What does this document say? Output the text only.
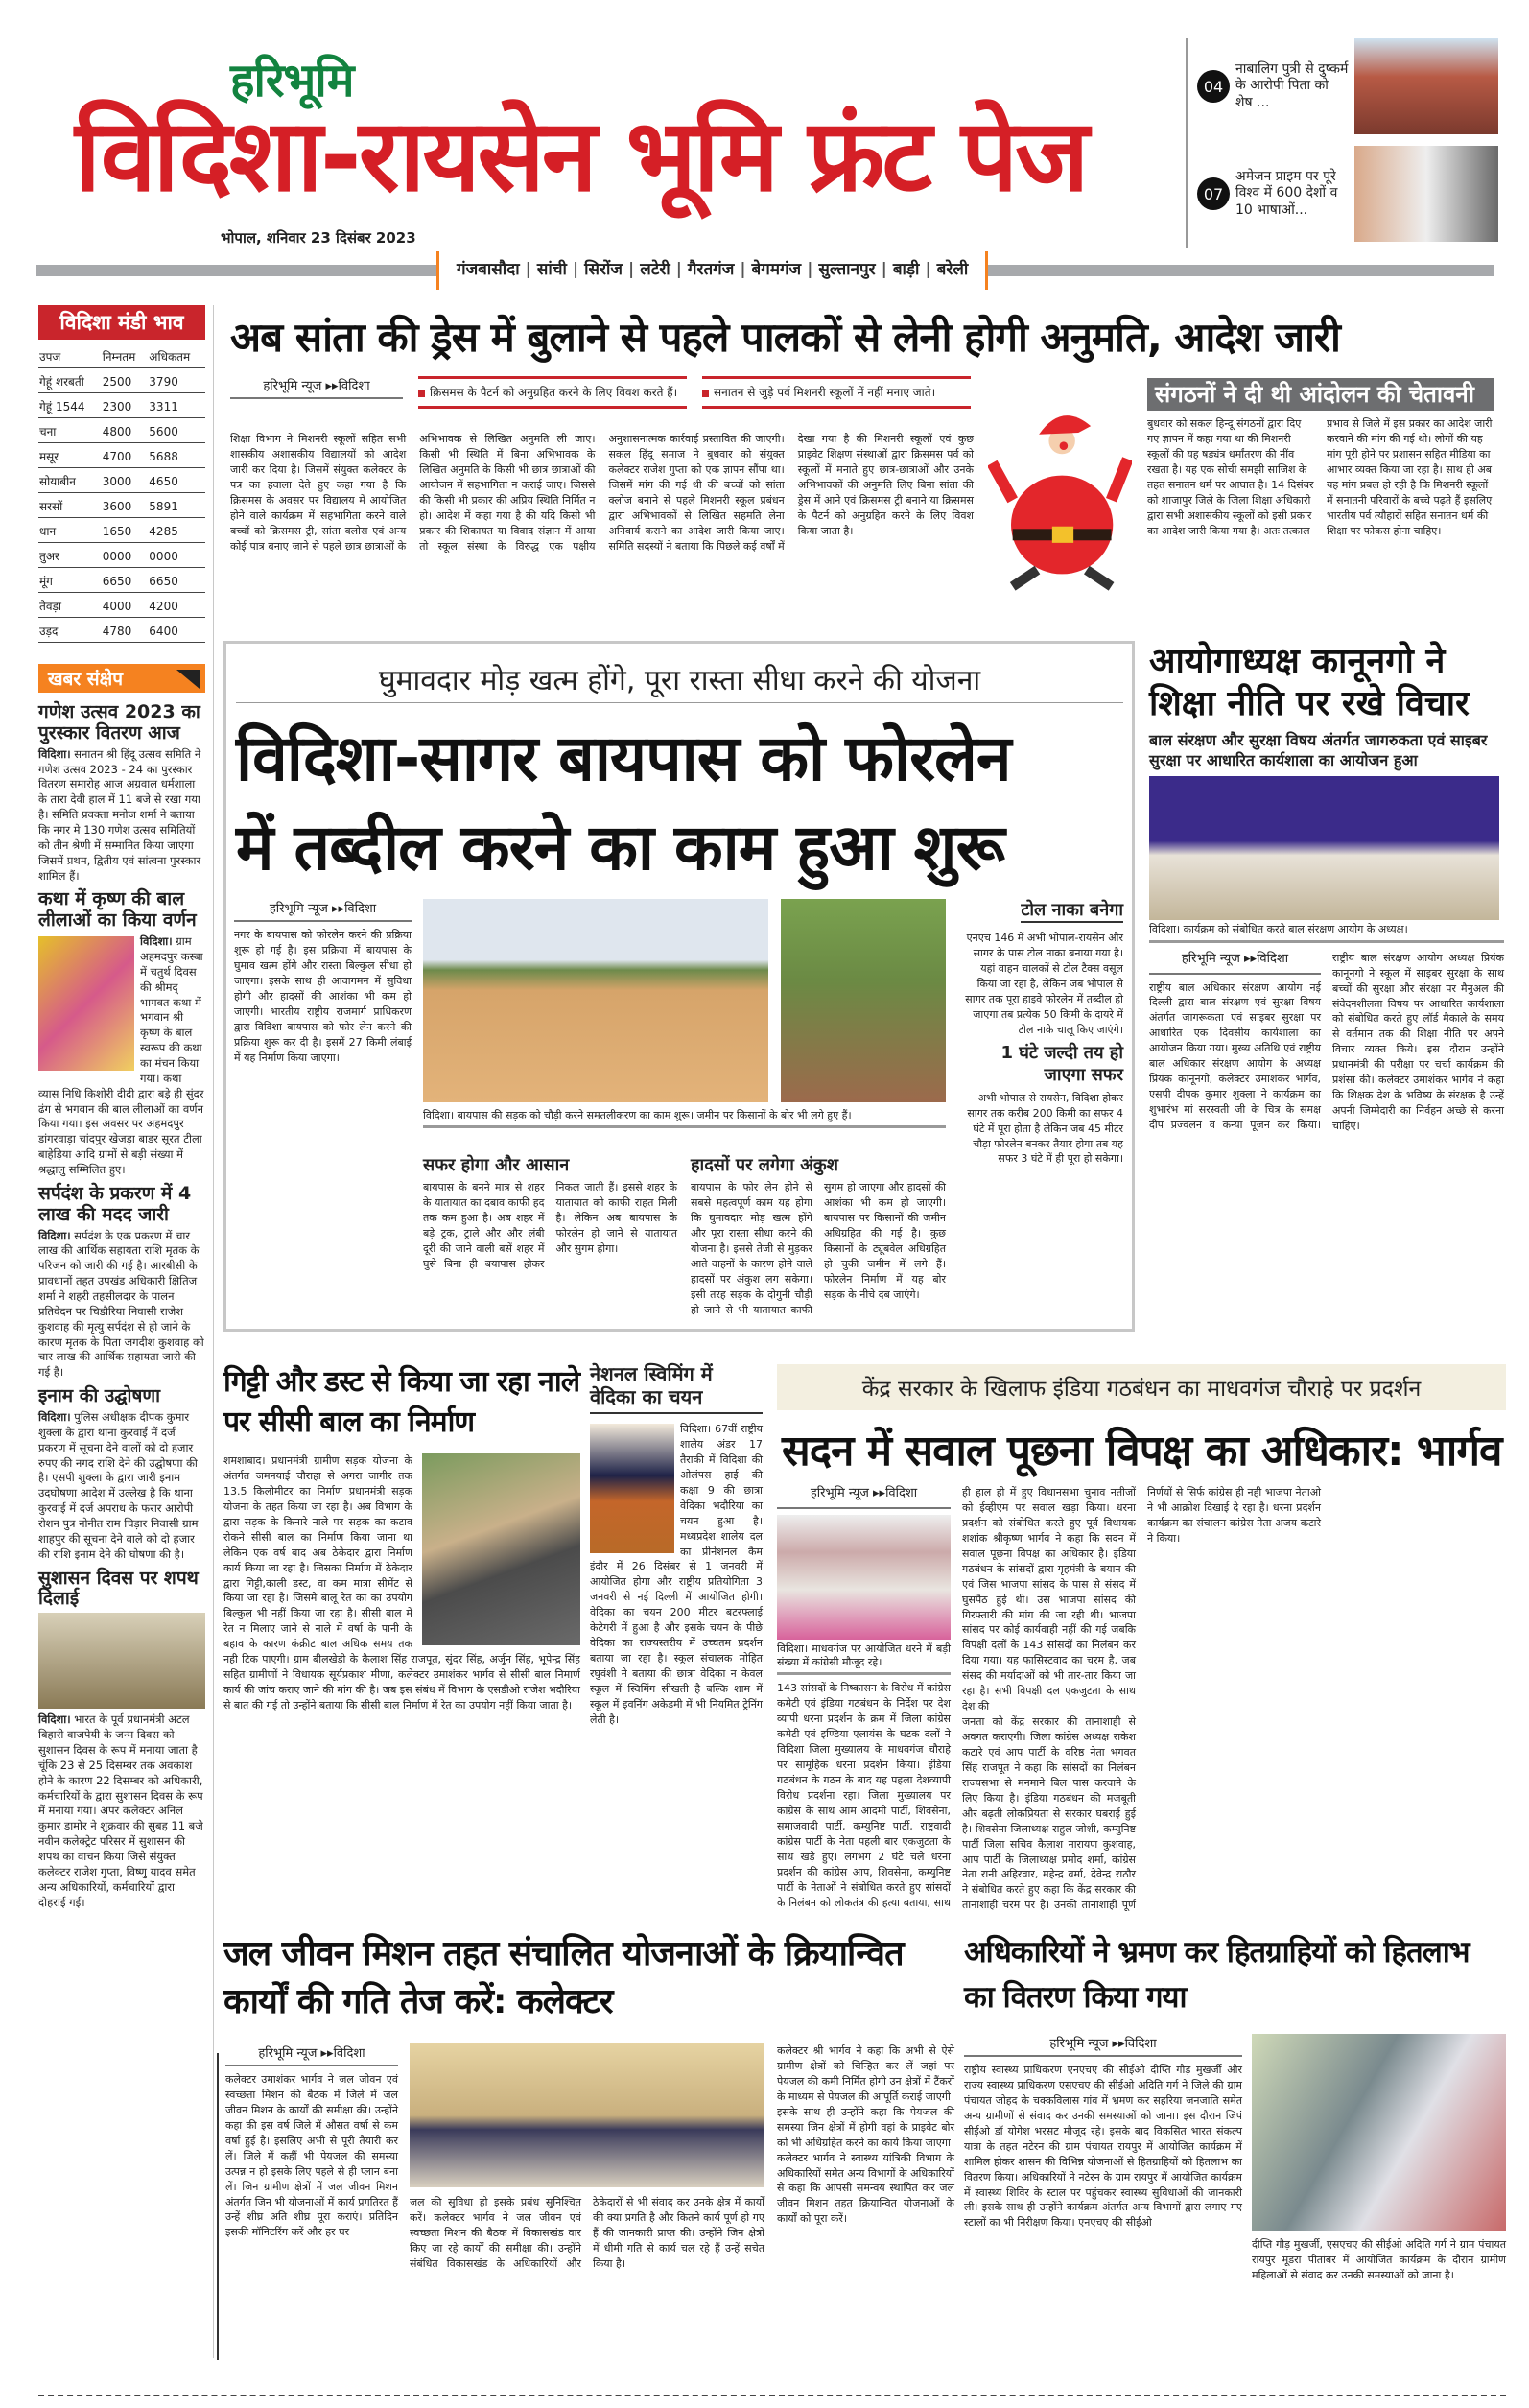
हरिभूमि
विदिशा-रायसेन भूमि फ्रंट पेज
भोपाल, शनिवार 23 दिसंबर 2023
गंजबासौदा	| सांची	| सिरोंज	| लटेरी	| गैरतगंज	| बेगमगंज	| सुल्तानपुर	| बाड़ी	| बरेली
04
नाबालिग पुत्री से दुष्कर्म के आरोपी पिता को शेष ...
07
अमेजन प्राइम पर पूरे विश्व में 600 देशों व 10 भाषाओं...
विदिशा मंडी भाव
उपज	निम्नतम	अधिकतम
गेहूं शरबती	2500	3790
गेहूं 1544	2300	3311
चना	4800	5600
मसूर	4700	5688
सोयाबीन	3000	4650
सरसों	3600	5891
धान	1650	4285
तुअर	0000	0000
मूंग	6650	6650
तेवड़ा	4000	4200
उड़द	4780	6400
खबर संक्षेप
गणेश उत्सव 2023 का पुरस्कार वितरण आज

विदिशा। सनातन श्री हिंदू उत्सव समिति ने गणेश उत्सव 2023 - 24 का पुरस्कार वितरण समारोह आज अग्रवाल धर्मशाला के तारा देवी हाल में 11 बजे से रखा गया है। समिति प्रवक्ता मनोज शर्मा ने बताया कि नगर मे 130 गणेश उत्सव समितियों को तीन श्रेणी में सम्मानित किया जाएगा जिसमें प्रथम, द्वितीय एवं सांत्वना पुरस्कार शामिल हैं।

कथा में कृष्ण की बाल लीलाओं का किया वर्णन

विदिशा। ग्राम अहमदपुर कस्बा में चतुर्थ दिवस की श्रीमद् भागवत कथा में भगवान श्री कृष्ण के बाल स्वरूप की कथा का मंचन किया गया। कथा व्यास निधि किशोरी दीदी द्वारा बड़े ही सुंदर ढंग से भगवान की बाल लीलाओं का वर्णन किया गया। इस अवसर पर अहमदपुर डांगरवाड़ा चांदपुर खेजड़ा बाडर सूरत टीला बाहेड़िया आदि ग्रामों से बड़ी संख्या में श्रद्धालु सम्मिलित हुए।

सर्पदंश के प्रकरण में 4 लाख की मदद जारी

विदिशा। सर्पदंश के एक प्रकरण में चार लाख की आर्थिक सहायता राशि मृतक के परिजन को जारी की गई है। आरबीसी के प्रावधानों तहत उपखंड अधिकारी क्षितिज शर्मा ने शहरी तहसीलदार के पालन प्रतिवेदन पर चिडौरिया निवासी राजेश कुशवाह की मृत्यु सर्पदंश से हो जाने के कारण मृतक के पिता जगदीश कुशवाह को चार लाख की आर्थिक सहायता जारी की गई है।

इनाम की उद्घोषणा

विदिशा। पुलिस अधीक्षक दीपक कुमार शुक्ला के द्वारा थाना कुरवाई में दर्ज प्रकरण में सूचना देने वालों को दो हजार रुपए की नगद राशि देने की उद्घोषणा की है। एसपी शुक्ला के द्वारा जारी इनाम उदघोषणा आदेश में उल्लेख है कि थाना कुरवाई में दर्ज अपराध के फरार आरोपी रोशन पुत्र नोनीत राम चिड़ार निवासी ग्राम शाहपुर की सूचना देने वाले को दो हजार की राशि इनाम देने की घोषणा की है।

सुशासन दिवस पर शपथ दिलाई

विदिशा। भारत के पूर्व प्रधानमंत्री अटल बिहारी वाजपेयी के जन्म दिवस को सुशासन दिवस के रूप में मनाया जाता है। चूंकि 23 से 25 दिसम्बर तक अवकाश होने के कारण 22 दिसम्बर को अधिकारी, कर्मचारियों के द्वारा सुशासन दिवस के रूप में मनाया गया। अपर कलेक्टर अनिल कुमार डामोर ने शुक्रवार की सुबह 11 बजे नवीन कलेक्ट्रेट परिसर में सुशासन की शपथ का वाचन किया जिसे संयुक्त कलेक्टर राजेश गुप्ता, विष्णु यादव समेत अन्य अधिकारियों, कर्मचारियों द्वारा दोहराई गई।

अब सांता की ड्रेस में बुलाने से पहले पालकों से लेनी होगी अनुमति, आदेश जारी
हरिभूमि न्यूज ▸▸विदिशा	क्रिसमस के पैटर्न को अनुग्रहित करने के लिए विवश करते हैं।	सनातन से जुड़े पर्व मिशनरी स्कूलों में नहीं मनाए जाते।
शिक्षा विभाग ने मिशनरी स्कूलों सहित सभी शासकीय अशासकीय विद्यालयों को आदेश जारी कर दिया है। जिसमें संयुक्त कलेक्टर के पत्र का हवाला देते हुए कहा गया है कि क्रिसमस के अवसर पर विद्यालय में आयोजित होने वाले कार्यक्रम में सहभागिता करने वाले बच्चों को क्रिसमस ट्री, सांता क्लोस एवं अन्य कोई पात्र बनाए जाने से पहले छात्र छात्राओं के अभिभावक से लिखित अनुमति ली जाए। किसी भी स्थिति में बिना अभिभावक के लिखित अनुमति के किसी भी छात्र छात्राओं की आयोजन में सहभागिता न कराई जाए। जिससे की किसी भी प्रकार की अप्रिय स्थिति निर्मित न हो। आदेश में कहा गया है की यदि किसी भी प्रकार की शिकायत या विवाद संज्ञान में आया तो स्कूल संस्था के विरुद्ध एक पक्षीय अनुशासनात्मक कार्रवाई प्रस्तावित की जाएगी। सकल हिंदू समाज ने बुधवार को संयुक्त कलेक्टर राजेश गुप्ता को एक ज्ञापन सौंपा था। जिसमें मांग की गई थी की बच्चों को सांता क्लोज बनाने से पहले मिशनरी स्कूल प्रबंधन द्वारा अभिभावकों से लिखित सहमति लेना अनिवार्य कराने का आदेश जारी किया जाए। समिति सदस्यों ने बताया कि पिछले कई वर्षों में देखा गया है की मिशनरी स्कूलों एवं कुछ प्राइवेट शिक्षण संस्थाओं द्वारा क्रिसमस पर्व को स्कूलों में मनाते हुए छात्र-छात्राओं और उनके अभिभावकों की अनुमति लिए बिना सांता की ड्रेस में आने एवं क्रिसमस ट्री बनाने या क्रिसमस के पैटर्न को अनुग्रहित करने के लिए विवश किया जाता है।
संगठनों ने दी थी आंदोलन की चेतावनी
बुधवार को सकल हिन्दू संगठनों द्वारा दिए गए ज्ञापन में कहा गया था की मिशनरी स्कूलों की यह षड्यंत्र धर्मांतरण की नींव रखता है। यह एक सोची समझी साजिश के तहत सनातन धर्म पर आघात है। 14 दिसंबर को शाजापुर जिले के जिला शिक्षा अधिकारी द्वारा सभी अशासकीय स्कूलों को इसी प्रकार का आदेश जारी किया गया है। अतः तत्काल प्रभाव से जिले में इस प्रकार का आदेश जारी करवाने की मांग की गई थी। लोगों की यह मांग पूरी होने पर प्रशासन सहित मीडिया का आभार व्यक्त किया जा रहा है। साथ ही अब यह मांग प्रबल हो रही है कि मिशनरी स्कूलों में सनातनी परिवारों के बच्चे पढ़ते हैं इसलिए भारतीय पर्व त्यौहारों सहित सनातन धर्म की शिक्षा पर फोकस होना चाहिए।
घुमावदार मोड़ खत्म होंगे, पूरा रास्ता सीधा करने की योजना
विदिशा-सागर बायपास को फोरलेन
में तब्दील करने का काम हुआ शुरू
हरिभूमि न्यूज ▸▸विदिशा
नगर के बायपास को फोरलेन करने की प्रक्रिया शुरू हो गई है। इस प्रक्रिया में बायपास के घुमाव खत्म होंगे और रास्ता बिल्कुल सीधा हो जाएगा। इसके साथ ही आवागमन में सुविधा होगी और हादसों की आशंका भी कम हो जाएगी। भारतीय राष्ट्रीय राजमार्ग प्राधिकरण द्वारा विदिशा बायपास को फोर लेन करने की प्रक्रिया शुरू कर दी है। इसमें 27 किमी लंबाई में यह निर्माण किया जाएगा।
विदिशा। बायपास की सड़क को चौड़ी करने समतलीकरण का काम शुरू। जमीन पर किसानों के बोर भी लगे हुए हैं।
सफर होगा और आसान
बायपास के बनने मात्र से शहर के यातायात का दबाव काफी हद तक कम हुआ है। अब शहर में बड़े ट्रक, ट्राले और और लंबी दूरी की जाने वाली बसें शहर में घुसे बिना ही बयापास होकर निकल जाती हैं। इससे शहर के यातायात को काफी राहत मिली है। लेकिन अब बायपास के फोरलेन हो जाने से यातायात और सुगम होगा।
हादसों पर लगेगा अंकुश
बायपास के फोर लेन होने से सबसे महत्वपूर्ण काम यह होगा कि घुमावदार मोड़ खत्म होंगे और पूरा रास्ता सीधा करने की योजना है। इससे तेजी से मुड़कर आते वाहनों के कारण होने वाले हादसों पर अंकुश लग सकेगा। इसी तरह सड़क के दोगुनी चौड़ी हो जाने से भी यातायात काफी सुगम हो जाएगा और हादसों की आशंका भी कम हो जाएगी। बायपास पर किसानों की जमीन अधिग्रहित की गई है। कुछ किसानों के ट्यूबवेल अधिग्रहित हो चुकी जमीन में लगे हैं। फोरलेन निर्माण में यह बोर सड़क के नीचे दब जाएंगे।
टोल नाका बनेगा
एनएच 146 में अभी भोपाल-रायसेन और सागर के पास टोल नाका बनाया गया है। यहां वाहन चालकों से टोल टैक्स वसूल किया जा रहा है, लेकिन जब भोपाल से सागर तक पूरा हाइवे फोरलेन में तब्दील हो जाएगा तब प्रत्येक 50 किमी के दायरे में टोल नाके चालू किए जाएंगे।
1 घंटे जल्दी तय हो जाएगा सफर
अभी भोपाल से रायसेन, विदिशा होकर सागर तक करीब 200 किमी का सफर 4 घंटे में पूरा होता है लेकिन जब 45 मीटर चौड़ा फोरलेन बनकर तैयार होगा तब यह सफर 3 घंटे में ही पूरा हो सकेगा।
आयोगाध्यक्ष कानूनगो ने शिक्षा नीति पर रखे विचार
बाल संरक्षण और सुरक्षा विषय अंतर्गत जागरुकता एवं साइबर सुरक्षा पर आधारित कार्यशाला का आयोजन हुआ
विदिशा। कार्यक्रम को संबोधित करते बाल संरक्षण आयोग के अध्यक्ष।
हरिभूमि न्यूज ▸▸विदिशा
राष्ट्रीय बाल अधिकार संरक्षण आयोग नई दिल्ली द्वारा बाल संरक्षण एवं सुरक्षा विषय अंतर्गत जागरूकता एवं साइबर सुरक्षा पर आधारित एक दिवसीय कार्यशाला का आयोजन किया गया। मुख्य अतिथि एवं राष्ट्रीय बाल अधिकार संरक्षण आयोग के अध्यक्ष प्रियंक कानूनगो, कलेक्टर उमाशंकर भार्गव, एसपी दीपक कुमार शुक्ला ने कार्यक्रम का शुभारंभ मां सरस्वती जी के चित्र के समक्ष दीप प्रज्वलन व कन्या पूजन कर किया। राष्ट्रीय बाल संरक्षण आयोग अध्यक्ष प्रियंक कानूनगो ने स्कूल में साइबर सुरक्षा के साथ बच्चों की सुरक्षा और संरक्षा पर मैनुअल की संवेदनशीलता विषय पर आधारित कार्यशाला को संबोधित करते हुए लॉर्ड मैकाले के समय से वर्तमान तक की शिक्षा नीति पर अपने विचार व्यक्त किये। इस दौरान उन्होंने प्रधानमंत्री की परीक्षा पर चर्चा कार्यक्रम की प्रशंसा की। कलेक्टर उमाशंकर भार्गव ने कहा कि शिक्षक देश के भविष्य के संरक्षक है उन्हें अपनी जिम्मेदारी का निर्वहन अच्छे से करना चाहिए।
गिट्टी और डस्ट से किया जा रहा नाले पर सीसी बाल का निर्माण
शमशाबाद। प्रधानमंत्री ग्रामीण सड़क योजना के अंतर्गत जमनयाई चौराहा से अगरा जागीर तक 13.5 किलोमीटर का निर्माण प्रधानमंत्री सड़क योजना के तहत किया जा रहा है। अब विभाग के द्वारा सड़क के किनारे नाले पर सड़क का कटाव रोकने सीसी बाल का निर्माण किया जाना था लेकिन एक वर्ष बाद अब ठेकेदार द्वारा निर्माण कार्य किया जा रहा है। जिसका निर्माण में ठेकेदार द्वारा गिट्टी,काली डस्ट, वा कम मात्रा सीमेंट से किया जा रहा है। जिसमे बालू रेत का का उपयोग बिल्कुल भी नहीं किया जा रहा है। सीसी बाल में रेत न मिलाए जाने से नाले में वर्षा के पानी के बहाव के कारण कंक्रीट बाल अधिक समय तक नही टिक पाएगी। ग्राम बीलखेड़ी के कैलाश सिंह राजपूत, सुंदर सिंह, अर्जुन सिंह, भूपेन्द्र सिंह सहित ग्रामीणों ने विधायक सूर्यप्रकाश मीणा, कलेक्टर उमाशंकर भार्गव से सीसी बाल निमार्ण कार्य की जांच कराए जाने की मांग की है। जब इस संबंध में विभाग के एसडीओ राजेश भदौरिया से बात की गई तो उन्होंने बताया कि सीसी बाल निर्माण में रेत का उपयोग नहीं किया जाता है।
नेशनल स्विमिंग में वेदिका का चयन
विदिशा। 67वीं राष्ट्रीय शालेय अंडर 17 तैराकी में विदिशा की ओलंपस हाई की कक्षा 9 की छात्रा वेदिका भदौरिया का चयन हुआ है। मध्यप्रदेश शालेय दल का प्रीनेशनल कैम इंदौर में 26 दिसंबर से 1 जनवरी में आयोजित होगा और राष्ट्रीय प्रतियोगिता 3 जनवरी से नई दिल्ली में आयोजित होगी। वेदिका का चयन 200 मीटर बटरफ्लाई केटेगरी में हुआ है और इसके चयन के पीछे वेदिका का राज्यस्तरीय में उच्चतम प्रदर्शन बताया जा रहा है। स्कूल संचालक मोहित रघुवंशी ने बताया की छात्रा वेदिका न केवल स्कूल में स्विमिंग सीखती है बल्कि शाम में स्कूल में इवनिंग अकेडमी में भी नियमित ट्रेनिंग लेती है।
केंद्र सरकार के खिलाफ इंडिया गठबंधन का माधवगंज चौराहे पर प्रदर्शन
सदन में सवाल पूछना विपक्ष का अधिकार: भार्गव
हरिभूमि न्यूज ▸▸विदिशा
विदिशा। माधवगंज पर आयोजित धरने में बड़ी संख्या में कांग्रेसी मौजूद रहे।

143 सांसदों के निष्कासन के विरोध में कांग्रेस कमेटी एवं इंडिया गठबंधन के निर्देश पर देश व्यापी धरना प्रदर्शन के क्रम में जिला कांग्रेस कमेटी एवं इण्डिया एलायंस के घटक दलों ने विदिशा जिला मुख्यालय के माधवगंज चौराहे पर सामूहिक धरना प्रदर्शन किया। इंडिया गठबंधन के गठन के बाद यह पहला देशव्यापी विरोध प्रदर्शना रहा। जिला मुख्यालय पर कांग्रेस के साथ आम आदमी पार्टी, शिवसेना, समाजवादी पार्टी, कम्युनिष्ट पार्टी, राष्ट्रवादी कांग्रेस पार्टी के नेता पहली बार एकजुटता के साथ खड़े हुए। लगभग 2 घंटे चले धरना प्रदर्शन की कांग्रेस आप, शिवसेना, कम्युनिष्ट पार्टी के नेताओं ने संबोधित करते हुए सांसदों के निलंबन को लोकतंत्र की हत्या बताया, साथ ही हाल ही में हुए विधानसभा चुनाव नतीजों को ईव्हीएम पर सवाल खड़ा किया। धरना प्रदर्शन को संबोधित करते हुए पूर्व विधायक शशांक श्रीकृष्ण भार्गव ने कहा कि सदन में सवाल पूछना विपक्ष का अधिकार है। इंडिया गठबंधन के सांसदों द्वारा गृहमंत्री के बयान की एवं जिस भाजपा सांसद के पास से संसद में घुसपैठ हुई थी। उस भाजपा सांसद की गिरफ्तारी की मांग की जा रही थी। भाजपा सांसद पर कोई कार्यवाही नहीं की गई जबकि विपक्षी दलों के 143 सांसदों का निलंबन कर दिया गया। यह फासिस्टवाद का चरम है, जब संसद की मर्यादाओं को भी तार-तार किया जा रहा है। सभी विपक्षी दल एकजुटता के साथ देश की

जनता को केंद्र सरकार की तानाशाही से अवगत कराएगी। जिला कांग्रेस अध्यक्ष राकेश कटारे एवं आप पार्टी के वरिष्ठ नेता भगवत सिंह राजपूत ने कहा कि सांसदों का निलंबन राज्यसभा से मनमाने बिल पास करवाने के लिए किया है। इंडिया गठबंधन की मजबूती और बढ़ती लोकप्रियता से सरकार घबराई हुई है। शिवसेना जिलाध्यक्ष राहुल जोशी, कम्युनिष्ट पार्टी जिला सचिव कैलाश नारायण कुशवाह, आप पार्टी के जिलाध्यक्ष प्रमोद शर्मा, कांग्रेस नेता रानी अहिरवार, महेन्द्र वर्मा, देवेन्द्र राठौर ने संबोधित करते हुए कहा कि केंद्र सरकार की तानाशाही चरम पर है। उनकी तानाशाही पूर्ण निर्णयों से सिर्फ कांग्रेस ही नही भाजपा नेताओ ने भी आक्रोश दिखाई दे रहा है। धरना प्रदर्शन कार्यक्रम का संचालन कांग्रेस नेता अजय कटारे ने किया।

जल जीवन मिशन तहत संचालित योजनाओं के क्रियान्वित कार्यों की गति तेज करें: कलेक्टर
हरिभूमि न्यूज ▸▸विदिशा
कलेक्टर उमाशंकर भार्गव ने जल जीवन एवं स्वच्छता मिशन की बैठक में जिले में जल जीवन मिशन के कार्यों की समीक्षा की। उन्होंने कहा की इस वर्ष जिले में औसत वर्षा से कम वर्षा हुई है। इसलिए अभी से पूरी तैयारी कर लें। जिले में कहीं भी पेयजल की समस्या उत्पन्न न हो इसके लिए पहले से ही प्लान बना लें। जिन ग्रामीण क्षेत्रों में जल जीवन मिशन अंतर्गत जिन भी योजनाओं में कार्य प्रगतिरत हैं उन्हें शीघ्र अति शीघ्र पूरा कराएं। प्रतिदिन इसकी मॉनिटरिंग करें और हर घर
जल की सुविधा हो इसके प्रबंध सुनिश्चित करें। कलेक्टर भार्गव ने जल जीवन एवं स्वच्छता मिशन की बैठक में विकासखंड वार किए जा रहे कार्यों की समीक्षा की। उन्होंने संबंधित विकासखंड के अधिकारियों और ठेकेदारों से भी संवाद कर उनके क्षेत्र में कार्यों की क्या प्रगति है और कितने कार्य पूर्ण हो गए हैं की जानकारी प्राप्त की। उन्होंने जिन क्षेत्रों में धीमी गति से कार्य चल रहे हैं उन्हें सचेत किया है।
कलेक्टर श्री भार्गव ने कहा कि अभी से ऐसे ग्रामीण क्षेत्रों को चिन्हित कर लें जहां पर पेयजल की कमी निर्मित होगी उन क्षेत्रों में टैंकरों के माध्यम से पेयजल की आपूर्ति कराई जाएगी। इसके साथ ही उन्होंने कहा कि पेयजल की समस्या जिन क्षेत्रों में होगी वहां के प्राइवेट बोर को भी अधिग्रहित करने का कार्य किया जाएगा। कलेक्टर भार्गव ने स्वास्थ्य यांत्रिकी विभाग के अधिकारियों समेत अन्य विभागों के अधिकारियों से कहा कि आपसी समन्वय स्थापित कर जल जीवन मिशन तहत क्रियान्वित योजनाओं के कार्यों को पूरा करें।
अधिकारियों ने भ्रमण कर हितग्राहियों को हितलाभ का वितरण किया गया
हरिभूमि न्यूज ▸▸विदिशा
राष्ट्रीय स्वास्थ्य प्राधिकरण एनएचए की सीईओ दीप्ति गौड़ मुखर्जी और राज्य स्वास्थ्य प्राधिकरण एसएचए की सीईओ अदिति गर्ग ने जिले की ग्राम पंचायत जोहद के चक्कविलास गांव में भ्रमण कर सहरिया जनजाति समेत अन्य ग्रामीणों से संवाद कर उनकी समस्याओं को जाना। इस दौरान जिपं सीईओ डॉ योगेश भरसट मौजूद रहे। इसके बाद विकसित भारत संकल्प यात्रा के तहत नटेरन की ग्राम पंचायत रायपुर में आयोजित कार्यक्रम में शामिल होकर शासन की विभिन्न योजनाओं से हितग्राहियों को हितलाभ का वितरण किया। अधिकारियों ने नटेरन के ग्राम रायपुर में आयोजित कार्यक्रम में स्वास्थ्य शिविर के स्टाल पर पहुंचकर स्वास्थ्य सुविधाओं की जानकारी ली। इसके साथ ही उन्होंने कार्यक्रम अंतर्गत अन्य विभागों द्वारा लगाए गए स्टालों का भी निरीक्षण किया। एनएचए की सीईओ
दीप्ति गौड़ मुखर्जी, एसएचए की सीईओ अदिति गर्ग ने ग्राम पंचायत रायपुर मूडरा पीतांबर में आयोजित कार्यक्रम के दौरान ग्रामीण महिलाओं से संवाद कर उनकी समस्याओं को जाना है।
